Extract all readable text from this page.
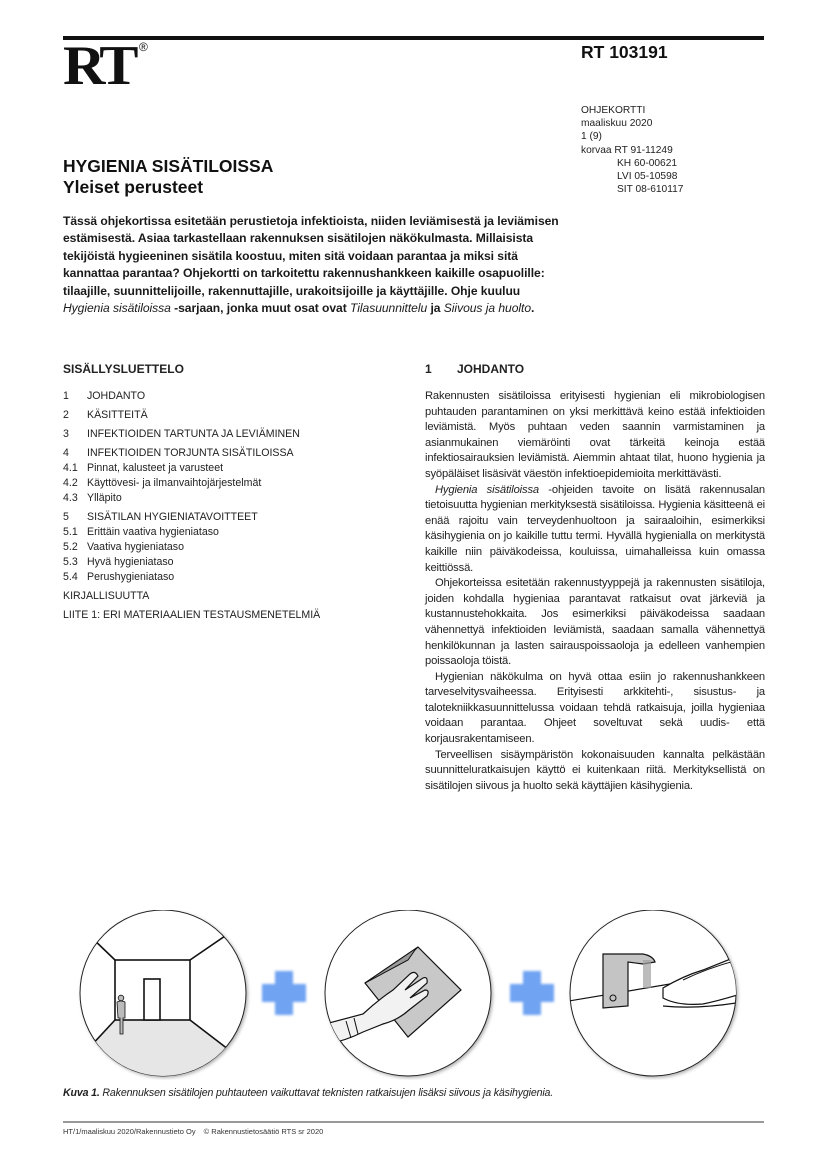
RT ®	RT 103191
OHJEKORTTI
maaliskuu 2020
1 (9)
korvaa RT 91-11249
KH 60-00621
LVI 05-10598
SIT 08-610117
HYGIENIA SISÄTILOISSA
Yleiset perusteet
Tässä ohjekortissa esitetään perustietoja infektioista, niiden leviämisestä ja leviämisen estämisestä. Asiaa tarkastellaan rakennuksen sisätilojen näkökulmasta. Millaisista tekijöistä hygieeninen sisätila koostuu, miten sitä voidaan parantaa ja miksi sitä kannattaa parantaa? Ohjekortti on tarkoitettu rakennushankkeen kaikille osapuolille: tilaajille, suunnittelijoille, rakennuttajille, urakoitsijoille ja käyttäjille. Ohje kuuluu Hygienia sisätiloissa -sarjaan, jonka muut osat ovat Tilasuunnittelu ja Siivous ja huolto.
SISÄLLYSLUETTELO
1	JOHDANTO
2	KÄSITTEITÄ
3	INFEKTIOIDEN TARTUNTA JA LEVIÄMINEN
4	INFEKTIOIDEN TORJUNTA SISÄTILOISSA
4.1 Pinnat, kalusteet ja varusteet
4.2 Käyttövesi- ja ilmanvaihtojärjestelmät
4.3 Ylläpito
5	SISÄTILAN HYGIENIATAVOITTEET
5.1 Erittäin vaativa hygieniataso
5.2 Vaativa hygieniataso
5.3 Hyvä hygieniataso
5.4 Perushygieniataso
KIRJALLISUUTTA
LIITE 1: ERI MATERIAALIEN TESTAUSMENETELMIÄ
1	JOHDANTO

Rakennusten sisätiloissa erityisesti hygienian eli mikrobiologisen puhtauden parantaminen on yksi merkittävä keino estää infektioiden leviämistä. Myös puhtaan veden saannin varmistaminen ja asianmukainen viemäröinti ovat tärkeitä keinoja estää infektiosairauksien leviämistä. Aiemmin ahtaat tilat, huono hygienia ja syöpäläiset lisäsivät väestön infektioepidemioita merkittävästi.

Hygienia sisätiloissa -ohjeiden tavoite on lisätä rakennusalan tietoisuutta hygienian merkityksestä sisätiloissa. Hygienia käsitteenä ei enää rajoitu vain terveydenhuoltoon ja sairaaloihin, esimerkiksi käsihygienia on jo kaikille tuttu termi. Hyvällä hygienialla on merkitystä kaikille niin päiväkodeissa, kouluissa, uimahalleissa kuin omassa keittiössä.

Ohjekorteissa esitetään rakennustyyppejä ja rakennusten sisätiloja, joiden kohdalla hygieniaa parantavat ratkaisut ovat järkeviä ja kustannustehokkaita. Jos esimerkiksi päiväkodeissa saadaan vähennettyä infektioiden leviämistä, saadaan samalla vähennettyä henkilökunnan ja lasten sairauspoissaoloja ja edelleen vanhempien poissaoloja töistä.

Hygienian näkökulma on hyvä ottaa esiin jo rakennushankkeen tarveselvitysvaiheessa. Erityisesti arkkitehti-, sisustus- ja talotekniikkasuunnittelussa voidaan tehdä ratkaisuja, joilla hygieniaa voidaan parantaa. Ohjeet soveltuvat sekä uudis- että korjausrakentamiseen.

Terveellisen sisäympäristön kokonaisuuden kannalta pelkästään suunnitteluratkaisujen käyttö ei kuitenkaan riitä. Merkityksellistä on sisätilojen siivous ja huolto sekä käyttäjien käsihygienia.

Kuva 1. Rakennuksen sisätilojen puhtauteen vaikuttavat teknisten ratkaisujen lisäksi siivous ja käsihygienia.
HT/1/maaliskuu 2020/Rakennustieto Oy © Rakennustietosäätiö RTS sr 2020
